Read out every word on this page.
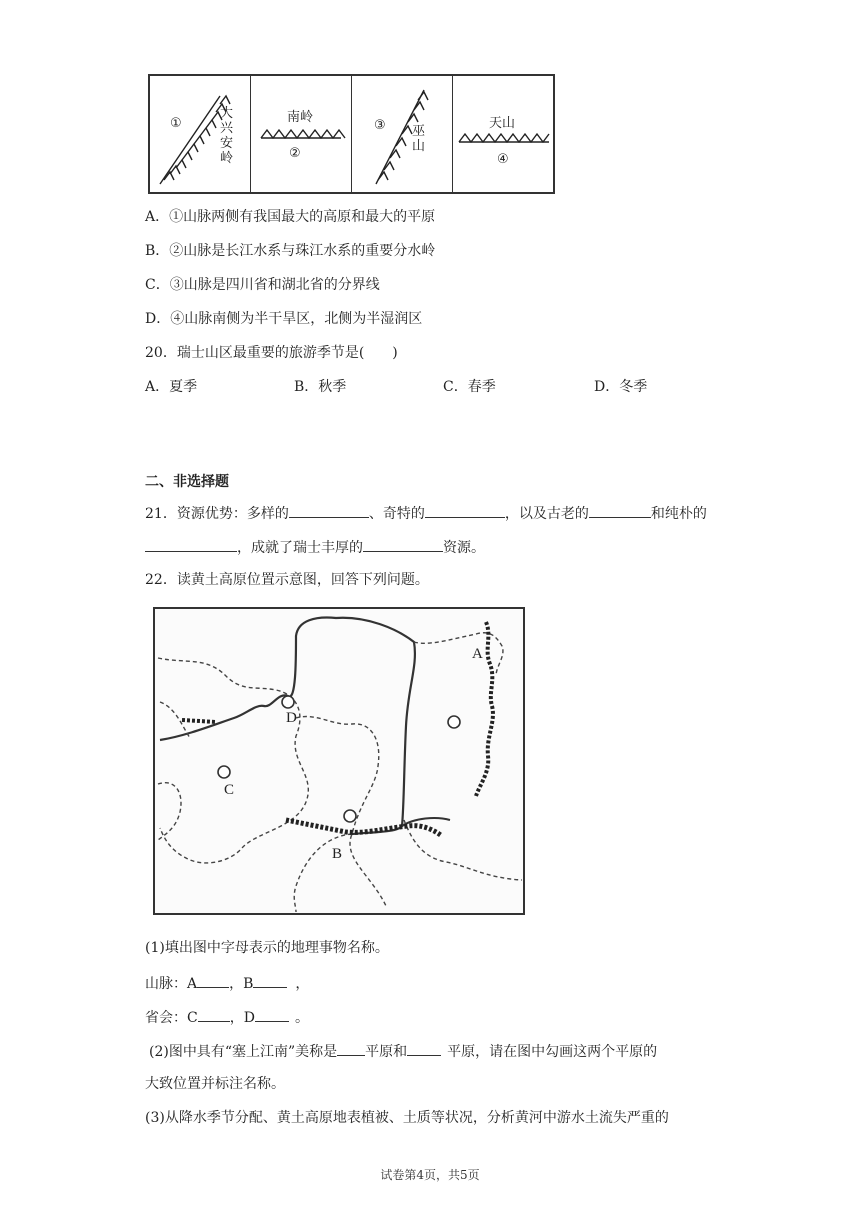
①
大兴安岭
南岭
②
③ 巫山
天山
④
A．①山脉两侧有我国最大的高原和最大的平原
B．②山脉是长江水系与珠江水系的重要分水岭
C．③山脉是四川省和湖北省的分界线
D．④山脉南侧为半干旱区，北侧为半湿润区
20．瑞士山区最重要的旅游季节是(　　)
A．夏季	B．秋季	C．春季	D．冬季
二、非选择题
21．资源优势：多样的	、奇特的	，以及古老的	和纯朴的
，成就了瑞士丰厚的	资源。
22．读黄土高原位置示意图，回答下列问题。
A
B
C
D
(1)填出图中字母表示的地理事物名称。
山脉：A ，B	，
省会：C ，D	。
(2)图中具有“塞上江南”美称是 平原和	平原，请在图中勾画这两个平原的
大致位置并标注名称。
(3)从降水季节分配、黄土高原地表植被、土质等状况，分析黄河中游水土流失严重的
试卷第4页，共5页
